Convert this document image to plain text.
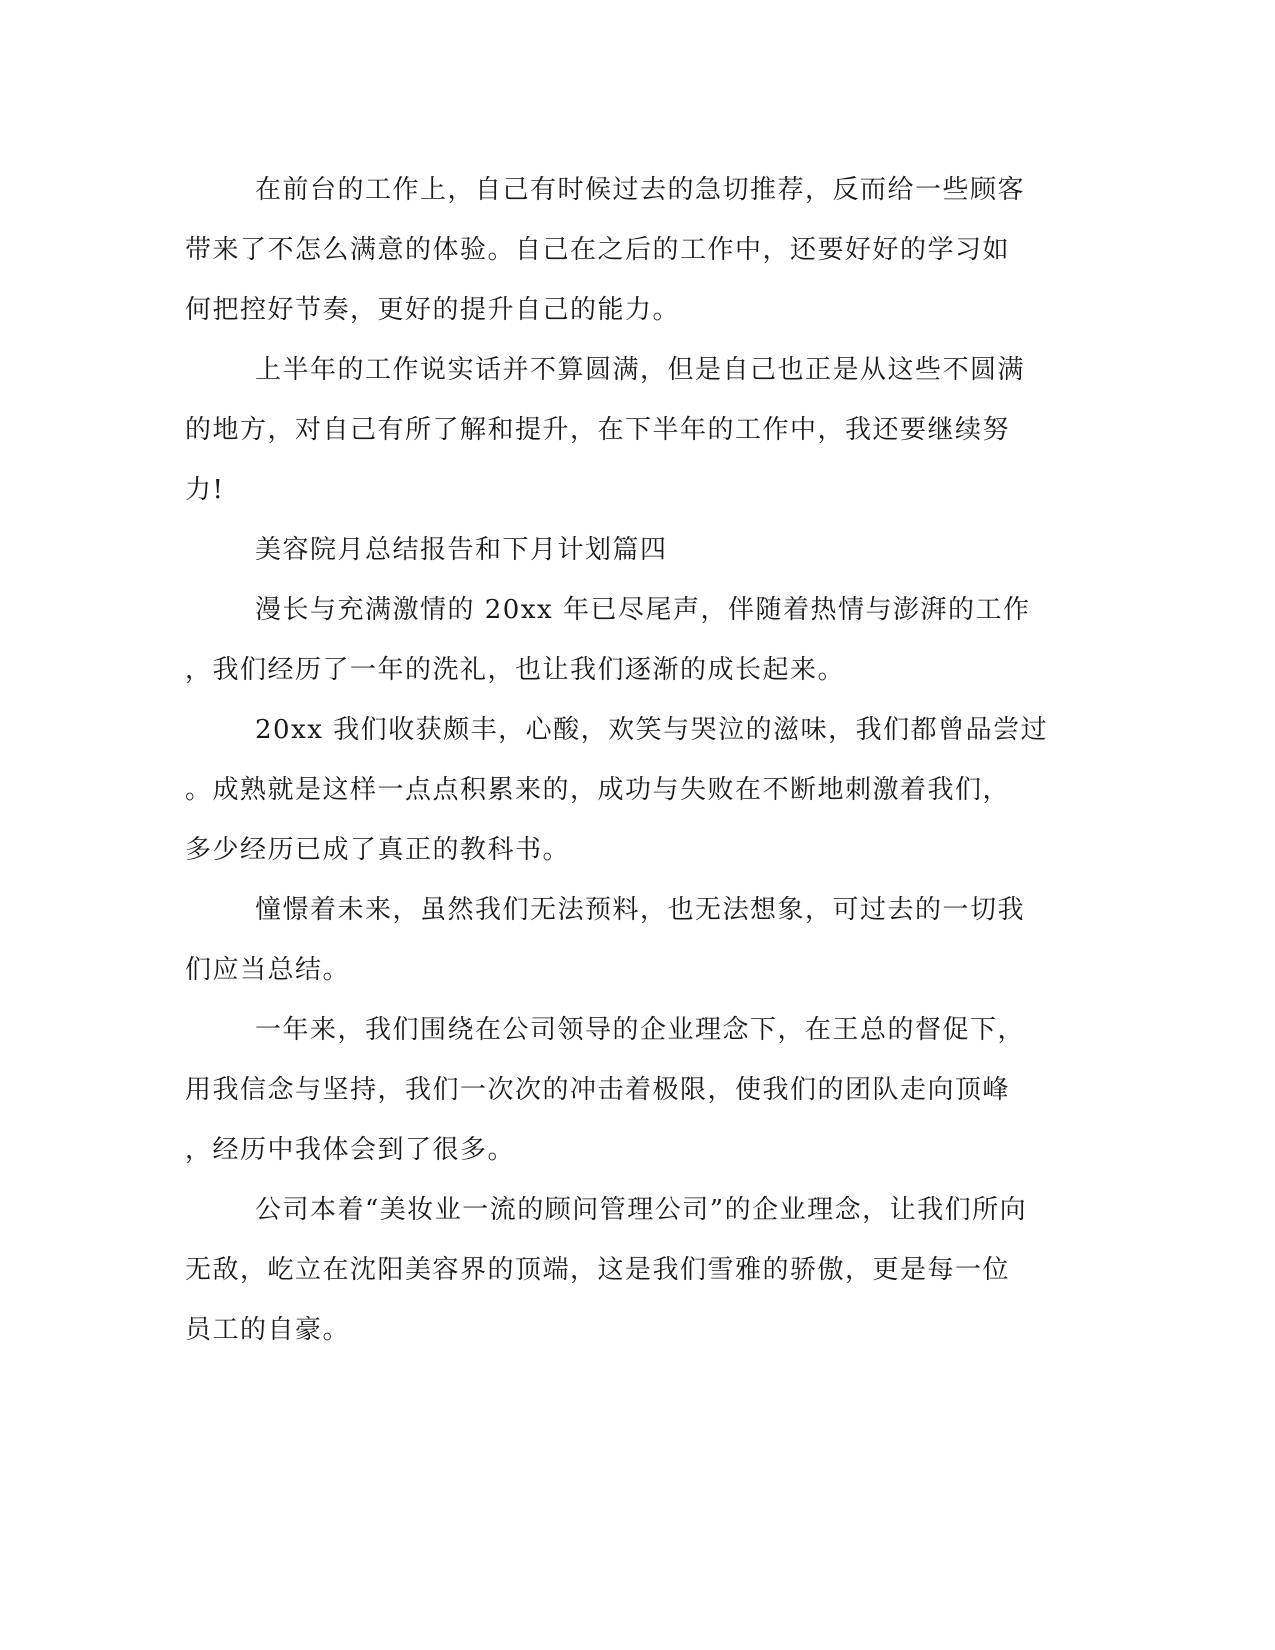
在前台的工作上，自己有时候过去的急切推荐，反而给一些顾客
带来了不怎么满意的体验。自己在之后的工作中，还要好好的学习如
何把控好节奏，更好的提升自己的能力。
上半年的工作说实话并不算圆满，但是自己也正是从这些不圆满
的地方，对自己有所了解和提升，在下半年的工作中，我还要继续努
力!
美容院月总结报告和下月计划篇四
漫长与充满激情的 20xx 年已尽尾声，伴随着热情与澎湃的工作
，我们经历了一年的洗礼，也让我们逐渐的成长起来。
20xx 我们收获颇丰，心酸，欢笑与哭泣的滋味，我们都曾品尝过
。成熟就是这样一点点积累来的，成功与失败在不断地刺激着我们，
多少经历已成了真正的教科书。
憧憬着未来，虽然我们无法预料，也无法想象，可过去的一切我
们应当总结。
一年来，我们围绕在公司领导的企业理念下，在王总的督促下，
用我信念与坚持，我们一次次的冲击着极限，使我们的团队走向顶峰
，经历中我体会到了很多。
公司本着“美妆业一流的顾问管理公司”的企业理念，让我们所向
无敌，屹立在沈阳美容界的顶端，这是我们雪雅的骄傲，更是每一位
员工的自豪。
